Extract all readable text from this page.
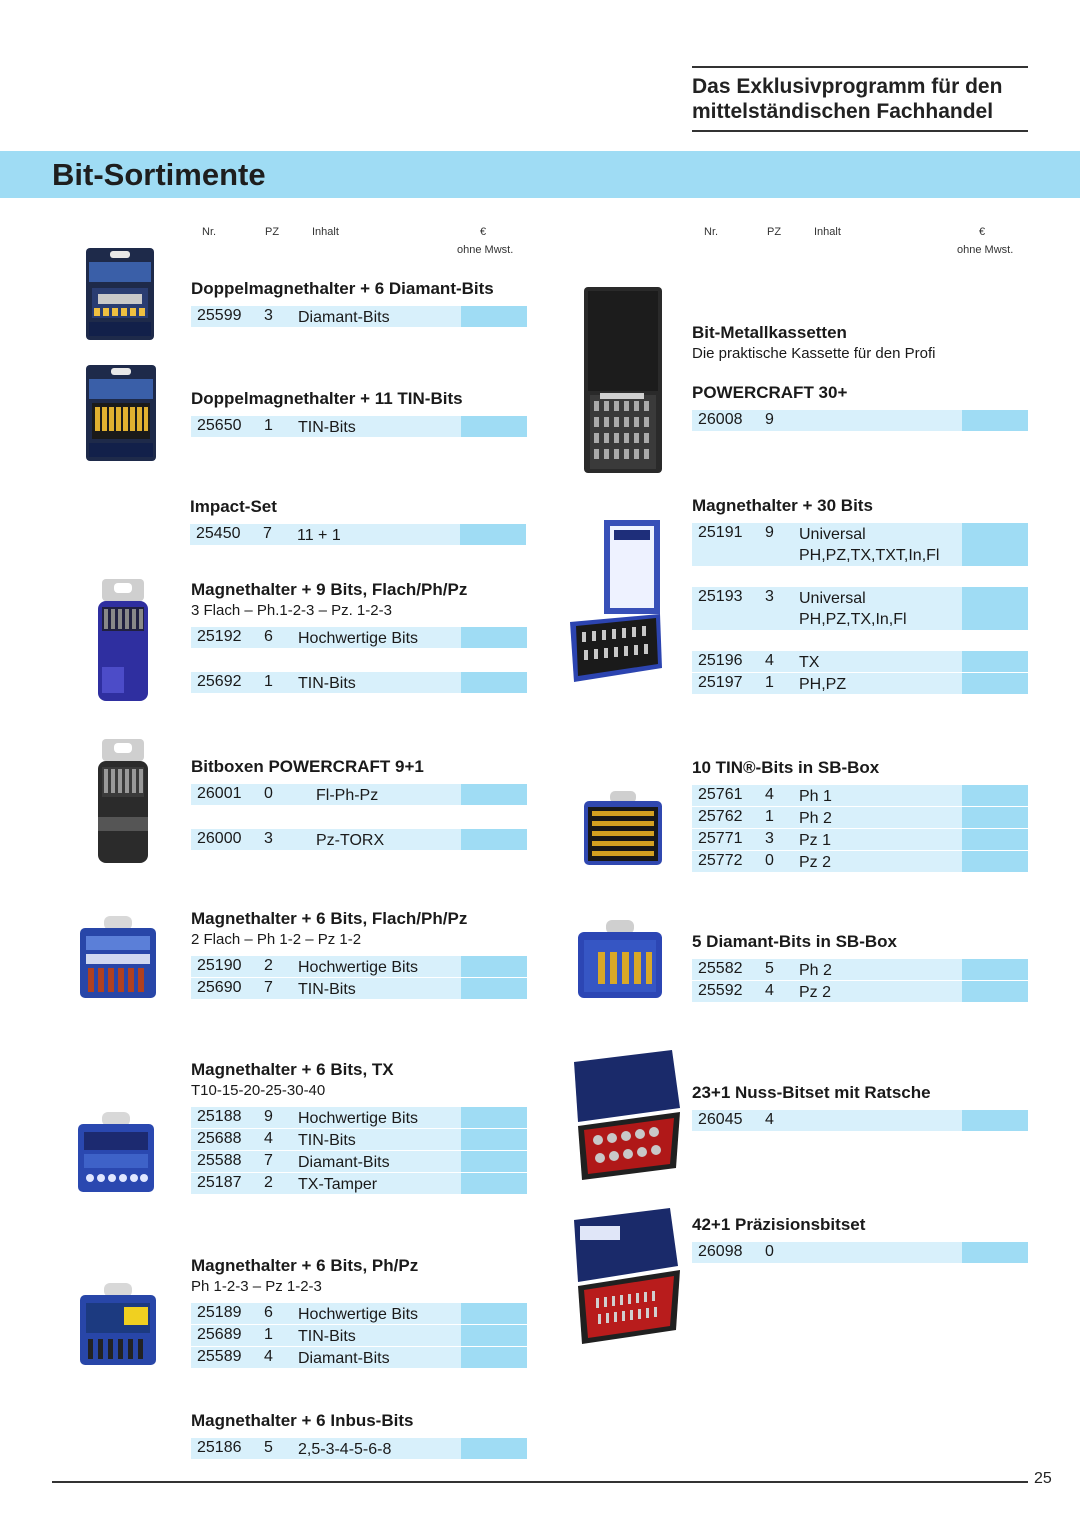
Das Exklusivprogramm für den
mittelständischen Fachhandel
Bit-Sortimente
Nr.	PZ	Inhalt	€
ohne Mwst.
Nr.	PZ	Inhalt	€
ohne Mwst.
Doppelmagnethalter + 6 Diamant-Bits
25599 3 Diamant-Bits
Doppelmagnethalter + 11 TIN-Bits
25650 1 TIN-Bits
Impact-Set
25450 7 11 + 1
Magnethalter + 9 Bits, Flach/Ph/Pz
3 Flach – Ph.1-2-3 – Pz. 1-2-3
25192 6 Hochwertige Bits
25692 1 TIN-Bits
Bitboxen POWERCRAFT 9+1
26001 0	Fl-Ph-Pz
26000 3	Pz-TORX
Magnethalter + 6 Bits, Flach/Ph/Pz
2 Flach – Ph 1-2 – Pz 1-2
25190 2 Hochwertige Bits
25690 7 TIN-Bits
Magnethalter + 6 Bits, TX
T10-15-20-25-30-40
25188 9 Hochwertige Bits
25688 4 TIN-Bits
25588 7 Diamant-Bits
25187 2 TX-Tamper
Magnethalter + 6 Bits, Ph/Pz
Ph 1-2-3 – Pz 1-2-3
25189 6 Hochwertige Bits
25689 1 TIN-Bits
25589 4 Diamant-Bits
Magnethalter + 6 Inbus-Bits
25186 5 2,5-3-4-5-6-8
Bit-Metallkassetten
Die praktische Kassette für den Profi
POWERCRAFT 30+
26008 9
Magnethalter + 30 Bits
25191 9 Universal
PH,PZ,TX,TXT,In,Fl
25193 3 Universal
PH,PZ,TX,In,Fl
25196 4 TX
25197 1 PH,PZ
10 TIN®-Bits in SB-Box
25761 4 Ph 1
25762 1 Ph 2
25771 3 Pz 1
25772 0 Pz 2
5 Diamant-Bits in SB-Box
25582 5 Ph 2
25592 4 Pz 2
23+1 Nuss-Bitset mit Ratsche
26045 4
42+1 Präzisionsbitset
26098 0
25
